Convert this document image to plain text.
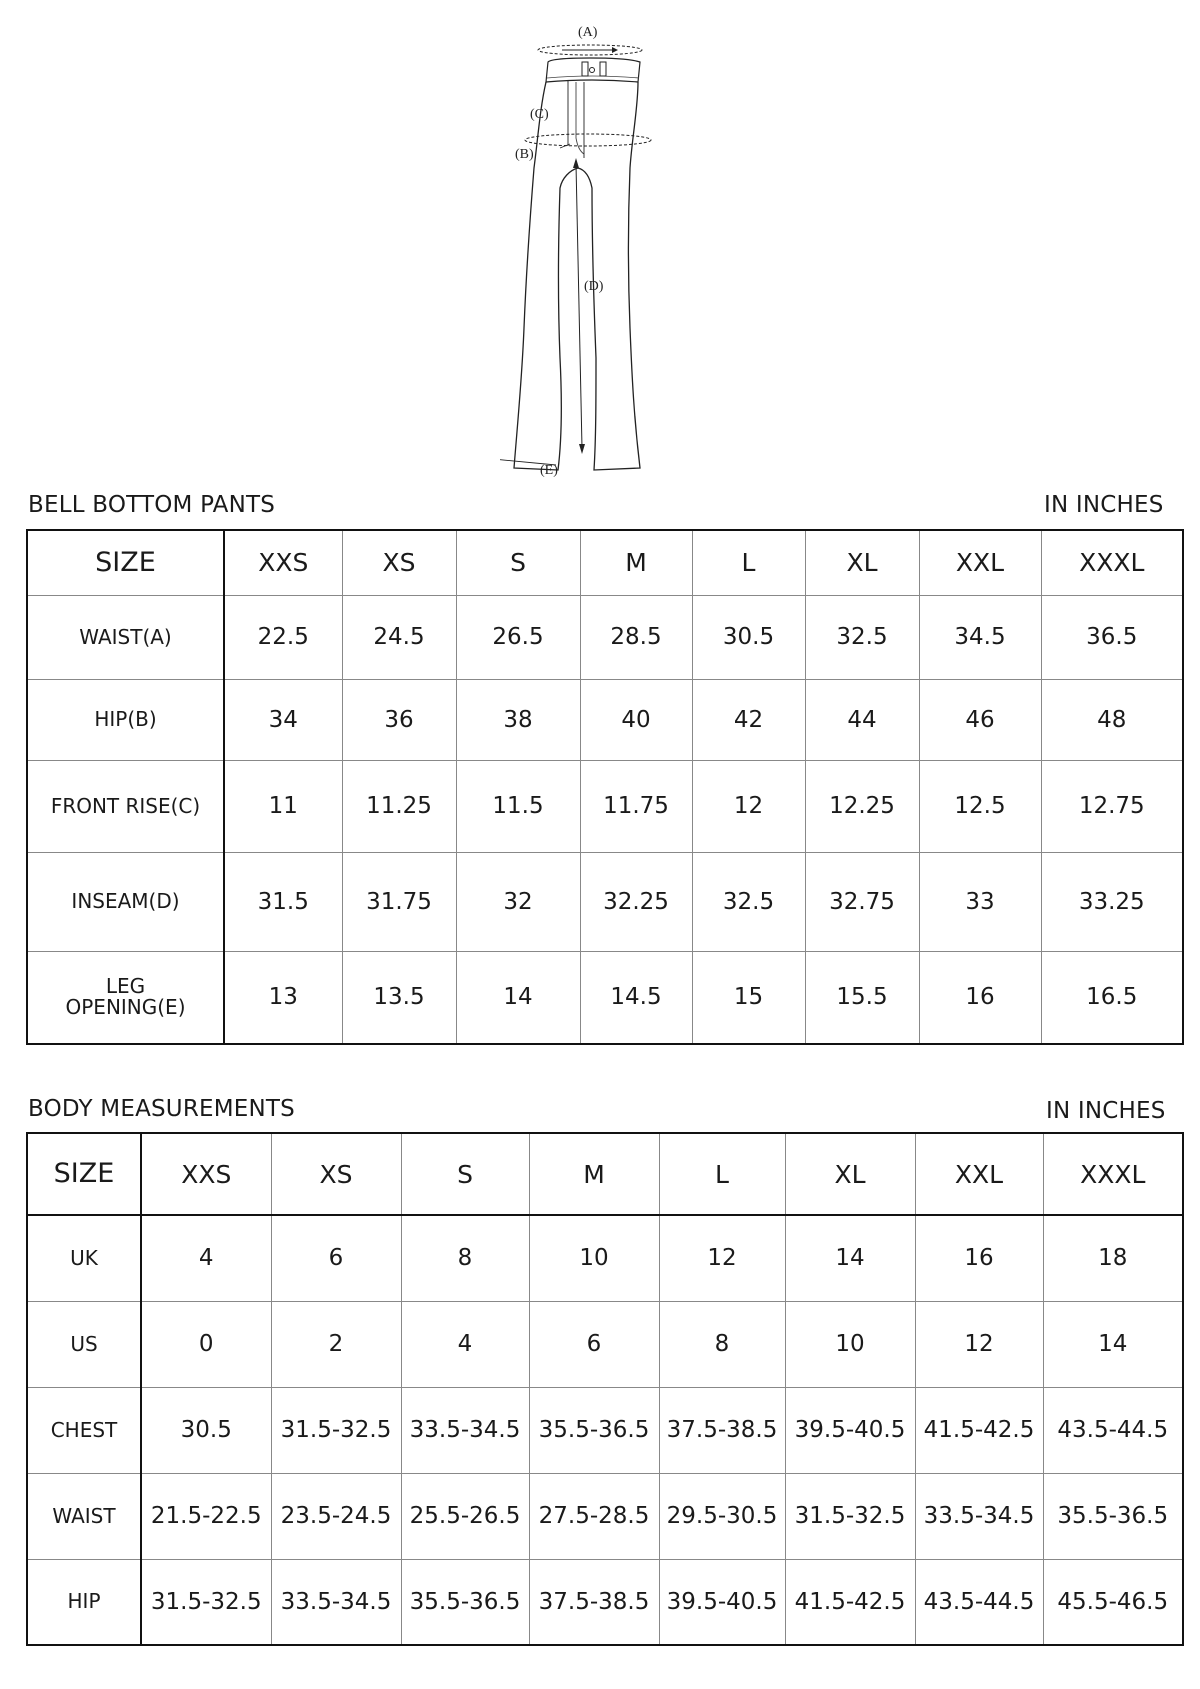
(A)
(C)
(B)
(D)
(E)
BELL BOTTOM PANTS	IN INCHES
SIZE	XXS	XS	S	M	L	XL	XXL	XXXL
WAIST(A)	22.5	24.5	26.5	28.5	30.5	32.5	34.5	36.5
HIP(B)	34	36	38	40	42	44	46	48
FRONT RISE(C)	11	11.25	11.5	11.75	12	12.25	12.5	12.75
INSEAM(D)	31.5	31.75	32	32.25	32.5	32.75	33	33.25

LEG
OPENING(E)	13	13.5	14	14.5	15	15.5	16	16.5
BODY MEASUREMENTS	IN INCHES
SIZE	XXS	XS	S	M	L	XL	XXL	XXXL
UK	4	6	8	10	12	14	16	18
US	0	2	4	6	8	10	12	14
CHEST	30.5	31.5-32.5	33.5-34.5	35.5-36.5	37.5-38.5	39.5-40.5	41.5-42.5	43.5-44.5
WAIST	21.5-22.5	23.5-24.5	25.5-26.5	27.5-28.5	29.5-30.5	31.5-32.5	33.5-34.5	35.5-36.5
HIP	31.5-32.5	33.5-34.5	35.5-36.5	37.5-38.5	39.5-40.5	41.5-42.5	43.5-44.5	45.5-46.5
